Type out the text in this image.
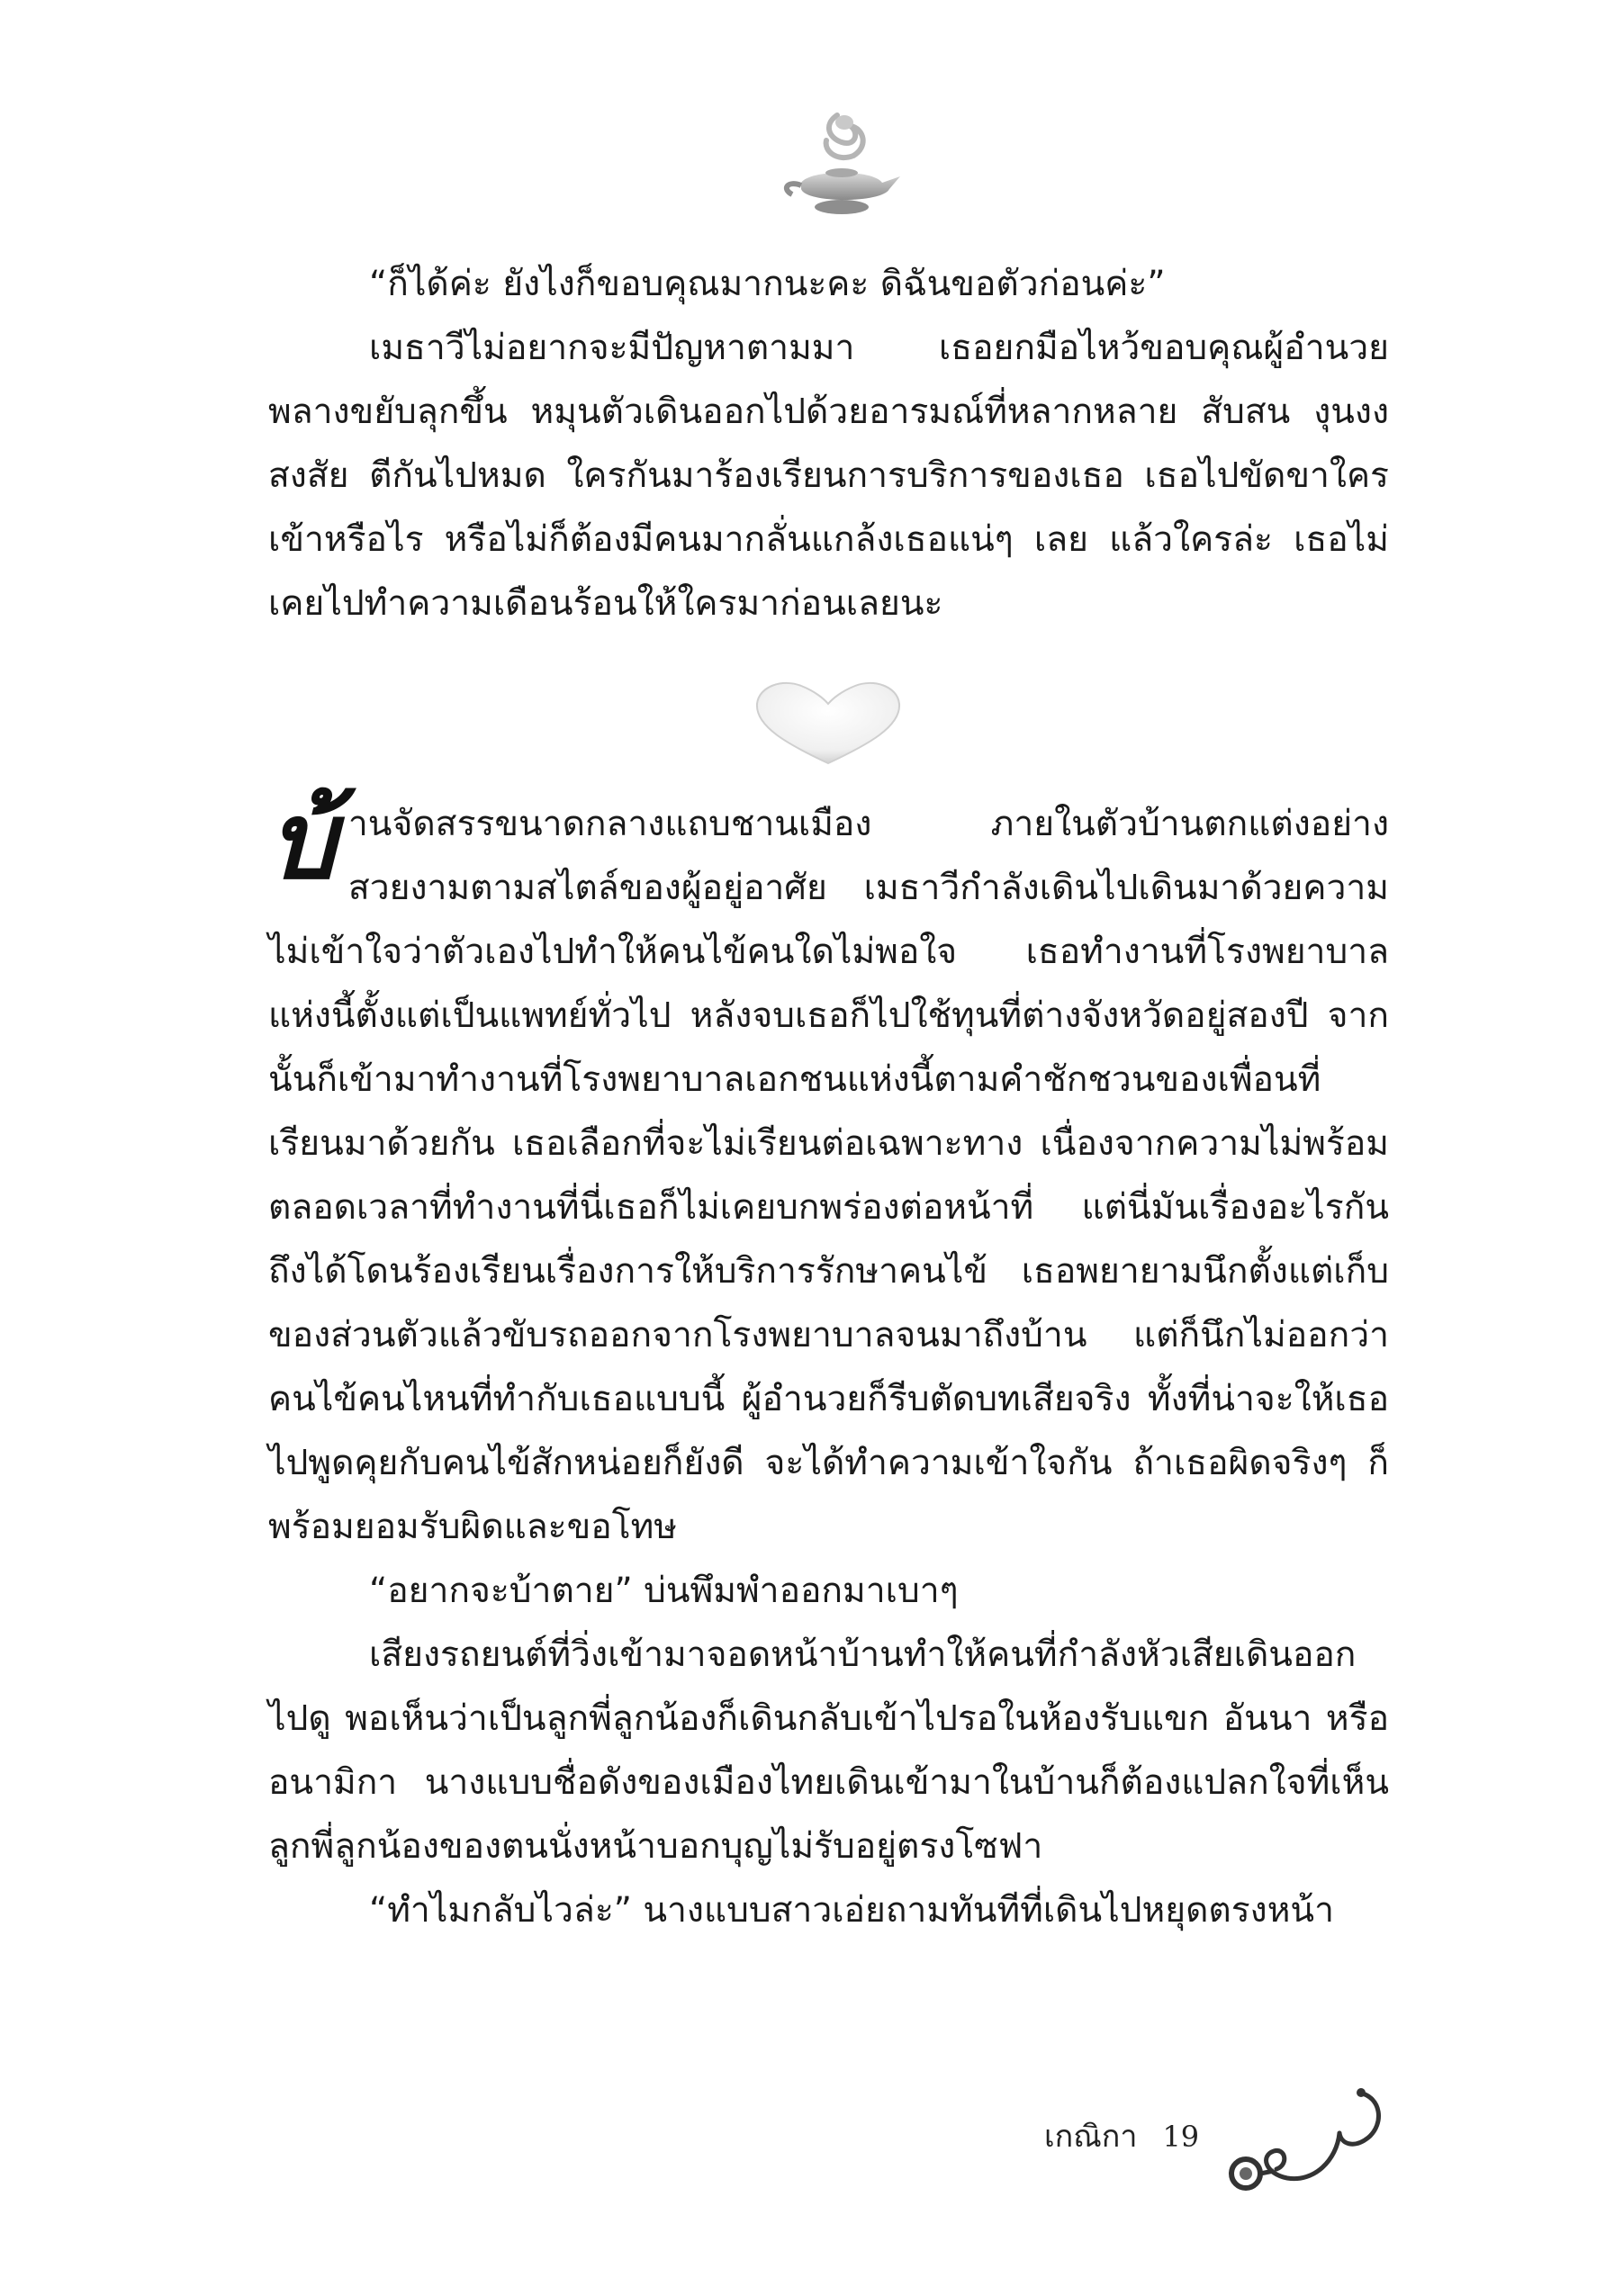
“ก็ได้ค่ะ ยังไงก็ขอบคุณมากนะคะ ดิฉันขอตัวก่อนค่ะ”

เมธาวีไม่อยากจะมีปัญหาตามมา เธอยกมือไหว้ขอบคุณผู้อำนวยพลางขยับลุกขึ้น หมุนตัวเดินออกไปด้วยอารมณ์ที่หลากหลาย สับสน งุนงง สงสัย ตีกันไปหมด ใครกันมาร้องเรียนการบริการของเธอ เธอไปขัดขาใครเข้าหรือไร หรือไม่ก็ต้องมีคนมากลั่นแกล้งเธอแน่ๆ เลย แล้วใครล่ะ เธอไม่เคยไปทำความเดือนร้อนให้ใครมาก่อนเลยนะ

บ้านจัดสรรขนาดกลางแถบชานเมือง ภายในตัวบ้านตกแต่งอย่างสวยงามตามสไตล์ของผู้อยู่อาศัย เมธาวีกำลังเดินไปเดินมาด้วยความไม่เข้าใจว่าตัวเองไปทำให้คนไข้คนใดไม่พอใจ เธอทำงานที่โรงพยาบาลแห่งนี้ตั้งแต่เป็นแพทย์ทั่วไป หลังจบเธอก็ไปใช้ทุนที่ต่างจังหวัดอยู่สองปี จากนั้นก็เข้ามาทำงานที่โรงพยาบาลเอกชนแห่งนี้ตามคำชักชวนของเพื่อนที่เรียนมาด้วยกัน เธอเลือกที่จะไม่เรียนต่อเฉพาะทาง เนื่องจากความไม่พร้อม ตลอดเวลาที่ทำงานที่นี่เธอก็ไม่เคยบกพร่องต่อหน้าที่ แต่นี่มันเรื่องอะไรกัน ถึงได้โดนร้องเรียนเรื่องการให้บริการรักษาคนไข้ เธอพยายามนึกตั้งแต่เก็บของส่วนตัวแล้วขับรถออกจากโรงพยาบาลจนมาถึงบ้าน แต่ก็นึกไม่ออกว่าคนไข้คนไหนที่ทำกับเธอแบบนี้ ผู้อำนวยก็รีบตัดบทเสียจริง ทั้งที่น่าจะให้เธอไปพูดคุยกับคนไข้สักหน่อยก็ยังดี จะได้ทำความเข้าใจกัน ถ้าเธอผิดจริงๆ ก็พร้อมยอมรับผิดและขอโทษ

“อยากจะบ้าตาย” บ่นพึมพำออกมาเบาๆ

เสียงรถยนต์ที่วิ่งเข้ามาจอดหน้าบ้านทำให้คนที่กำลังหัวเสียเดินออกไปดู พอเห็นว่าเป็นลูกพี่ลูกน้องก็เดินกลับเข้าไปรอในห้องรับแขก อันนา หรืออนามิกา นางแบบชื่อดังของเมืองไทยเดินเข้ามาในบ้านก็ต้องแปลกใจที่เห็นลูกพี่ลูกน้องของตนนั่งหน้าบอกบุญไม่รับอยู่ตรงโซฟา

“ทำไมกลับไวล่ะ” นางแบบสาวเอ่ยถามทันทีที่เดินไปหยุดตรงหน้า

เกณิกา 19
